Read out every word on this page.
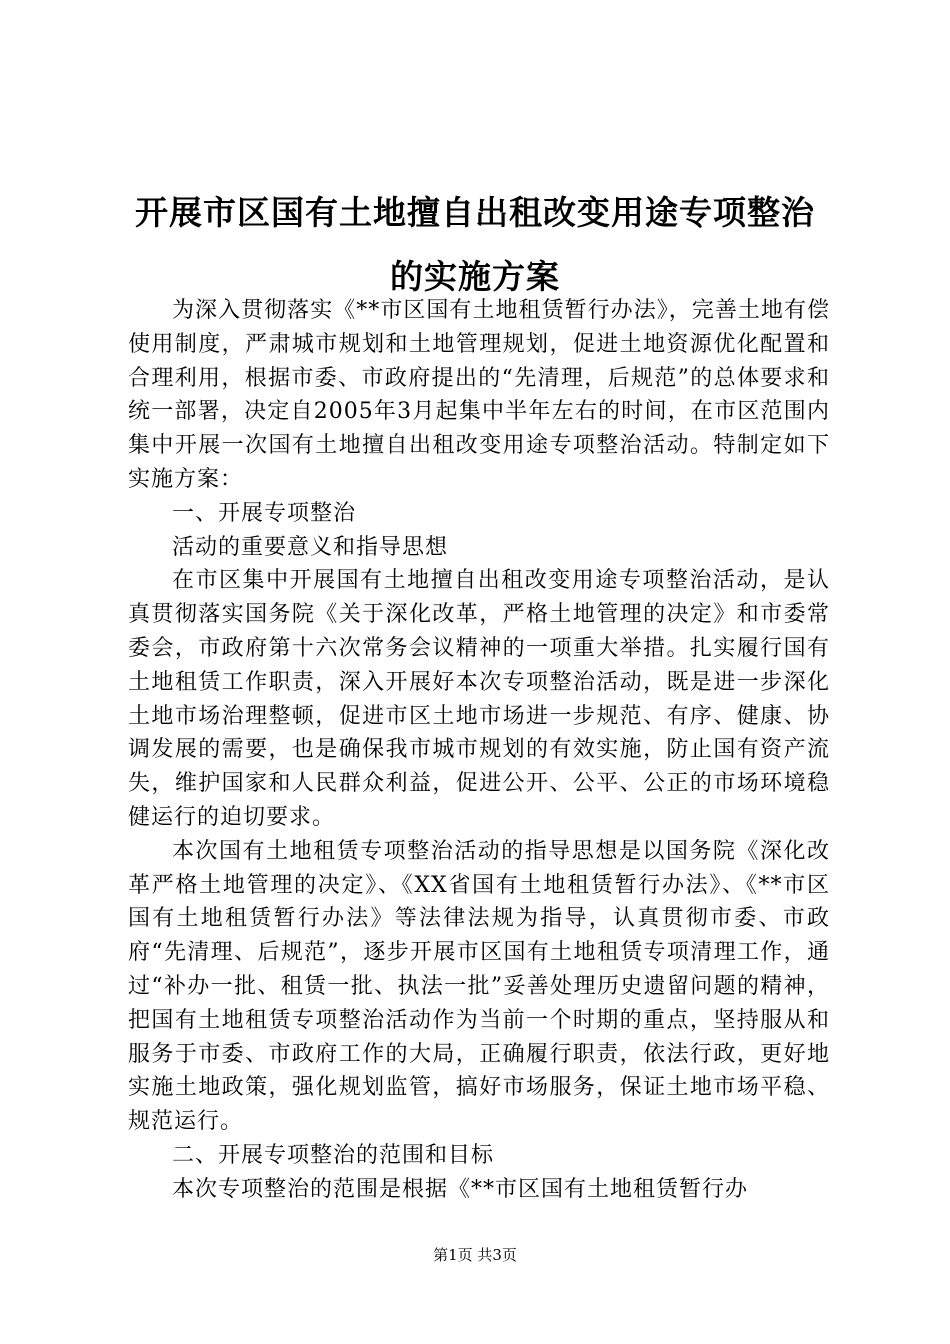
开展市区国有土地擅自出租改变用途专项整治
的实施方案

为深入贯彻落实《**市区国有土地租赁暂行办法》，完善土地有偿使用制度，严肃城市规划和土地管理规划，促进土地资源优化配置和合理利用，根据市委、市政府提出的“先清理，后规范”的总体要求和统一部署，决定自2005年3月起集中半年左右的时间，在市区范围内集中开展一次国有土地擅自出租改变用途专项整治活动。特制定如下实施方案：

一、开展专项整治

活动的重要意义和指导思想

在市区集中开展国有土地擅自出租改变用途专项整治活动，是认真贯彻落实国务院《关于深化改革，严格土地管理的决定》和市委常委会，市政府第十六次常务会议精神的一项重大举措。扎实履行国有土地租赁工作职责，深入开展好本次专项整治活动，既是进一步深化土地市场治理整顿，促进市区土地市场进一步规范、有序、健康、协调发展的需要，也是确保我市城市规划的有效实施，防止国有资产流失，维护国家和人民群众利益，促进公开、公平、公正的市场环境稳健运行的迫切要求。

本次国有土地租赁专项整治活动的指导思想是以国务院《深化改革严格土地管理的决定》、《XX省国有土地租赁暂行办法》、《**市区国有土地租赁暂行办法》等法律法规为指导，认真贯彻市委、市政府“先清理、后规范”，逐步开展市区国有土地租赁专项清理工作，通过“补办一批、租赁一批、执法一批”妥善处理历史遗留问题的精神，把国有土地租赁专项整治活动作为当前一个时期的重点，坚持服从和服务于市委、市政府工作的大局，正确履行职责，依法行政，更好地实施土地政策，强化规划监管，搞好市场服务，保证土地市场平稳、规范运行。

二、开展专项整治的范围和目标

本次专项整治的范围是根据《**市区国有土地租赁暂行办

第1页 共3页
